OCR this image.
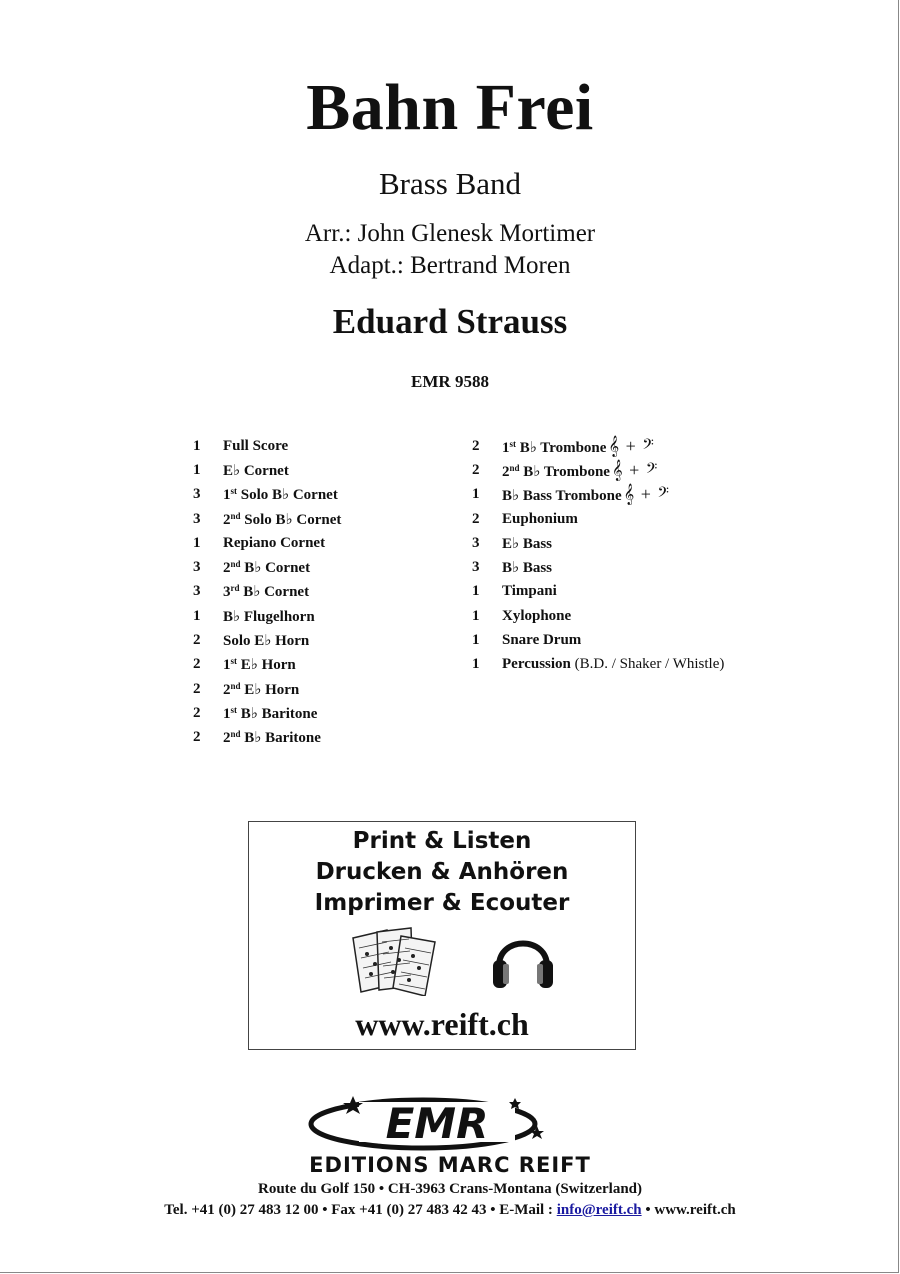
Bahn Frei
Brass Band
Arr.: John Glenesk Mortimer
Adapt.: Bertrand Moren
Eduard Strauss
EMR 9588
1	Full Score
1	E♭ Cornet
3	1st Solo B♭ Cornet
3	2nd Solo B♭ Cornet
1	Repiano Cornet
3	2nd B♭ Cornet
3	3rd B♭ Cornet
1	B♭ Flugelhorn
2	Solo E♭ Horn
2	1st E♭ Horn
2	2nd E♭ Horn
2	1st B♭ Baritone
2	2nd B♭ Baritone
2	1st B♭ Trombone 𝄞 + 𝄢
2	2nd B♭ Trombone 𝄞 + 𝄢
1	B♭ Bass Trombone 𝄞 + 𝄢
2	Euphonium
3	E♭ Bass
3	B♭ Bass
1	Timpani
1	Xylophone
1	Snare Drum
1	Percussion (B.D. / Shaker / Whistle)
Print & Listen
Drucken & Anhören
Imprimer & Ecouter
www.reift.ch
EMR
EDITIONS MARC REIFT
Route du Golf 150 • CH-3963 Crans-Montana (Switzerland)
Tel. +41 (0) 27 483 12 00 • Fax +41 (0) 27 483 42 43 • E-Mail : info@reift.ch • www.reift.ch
